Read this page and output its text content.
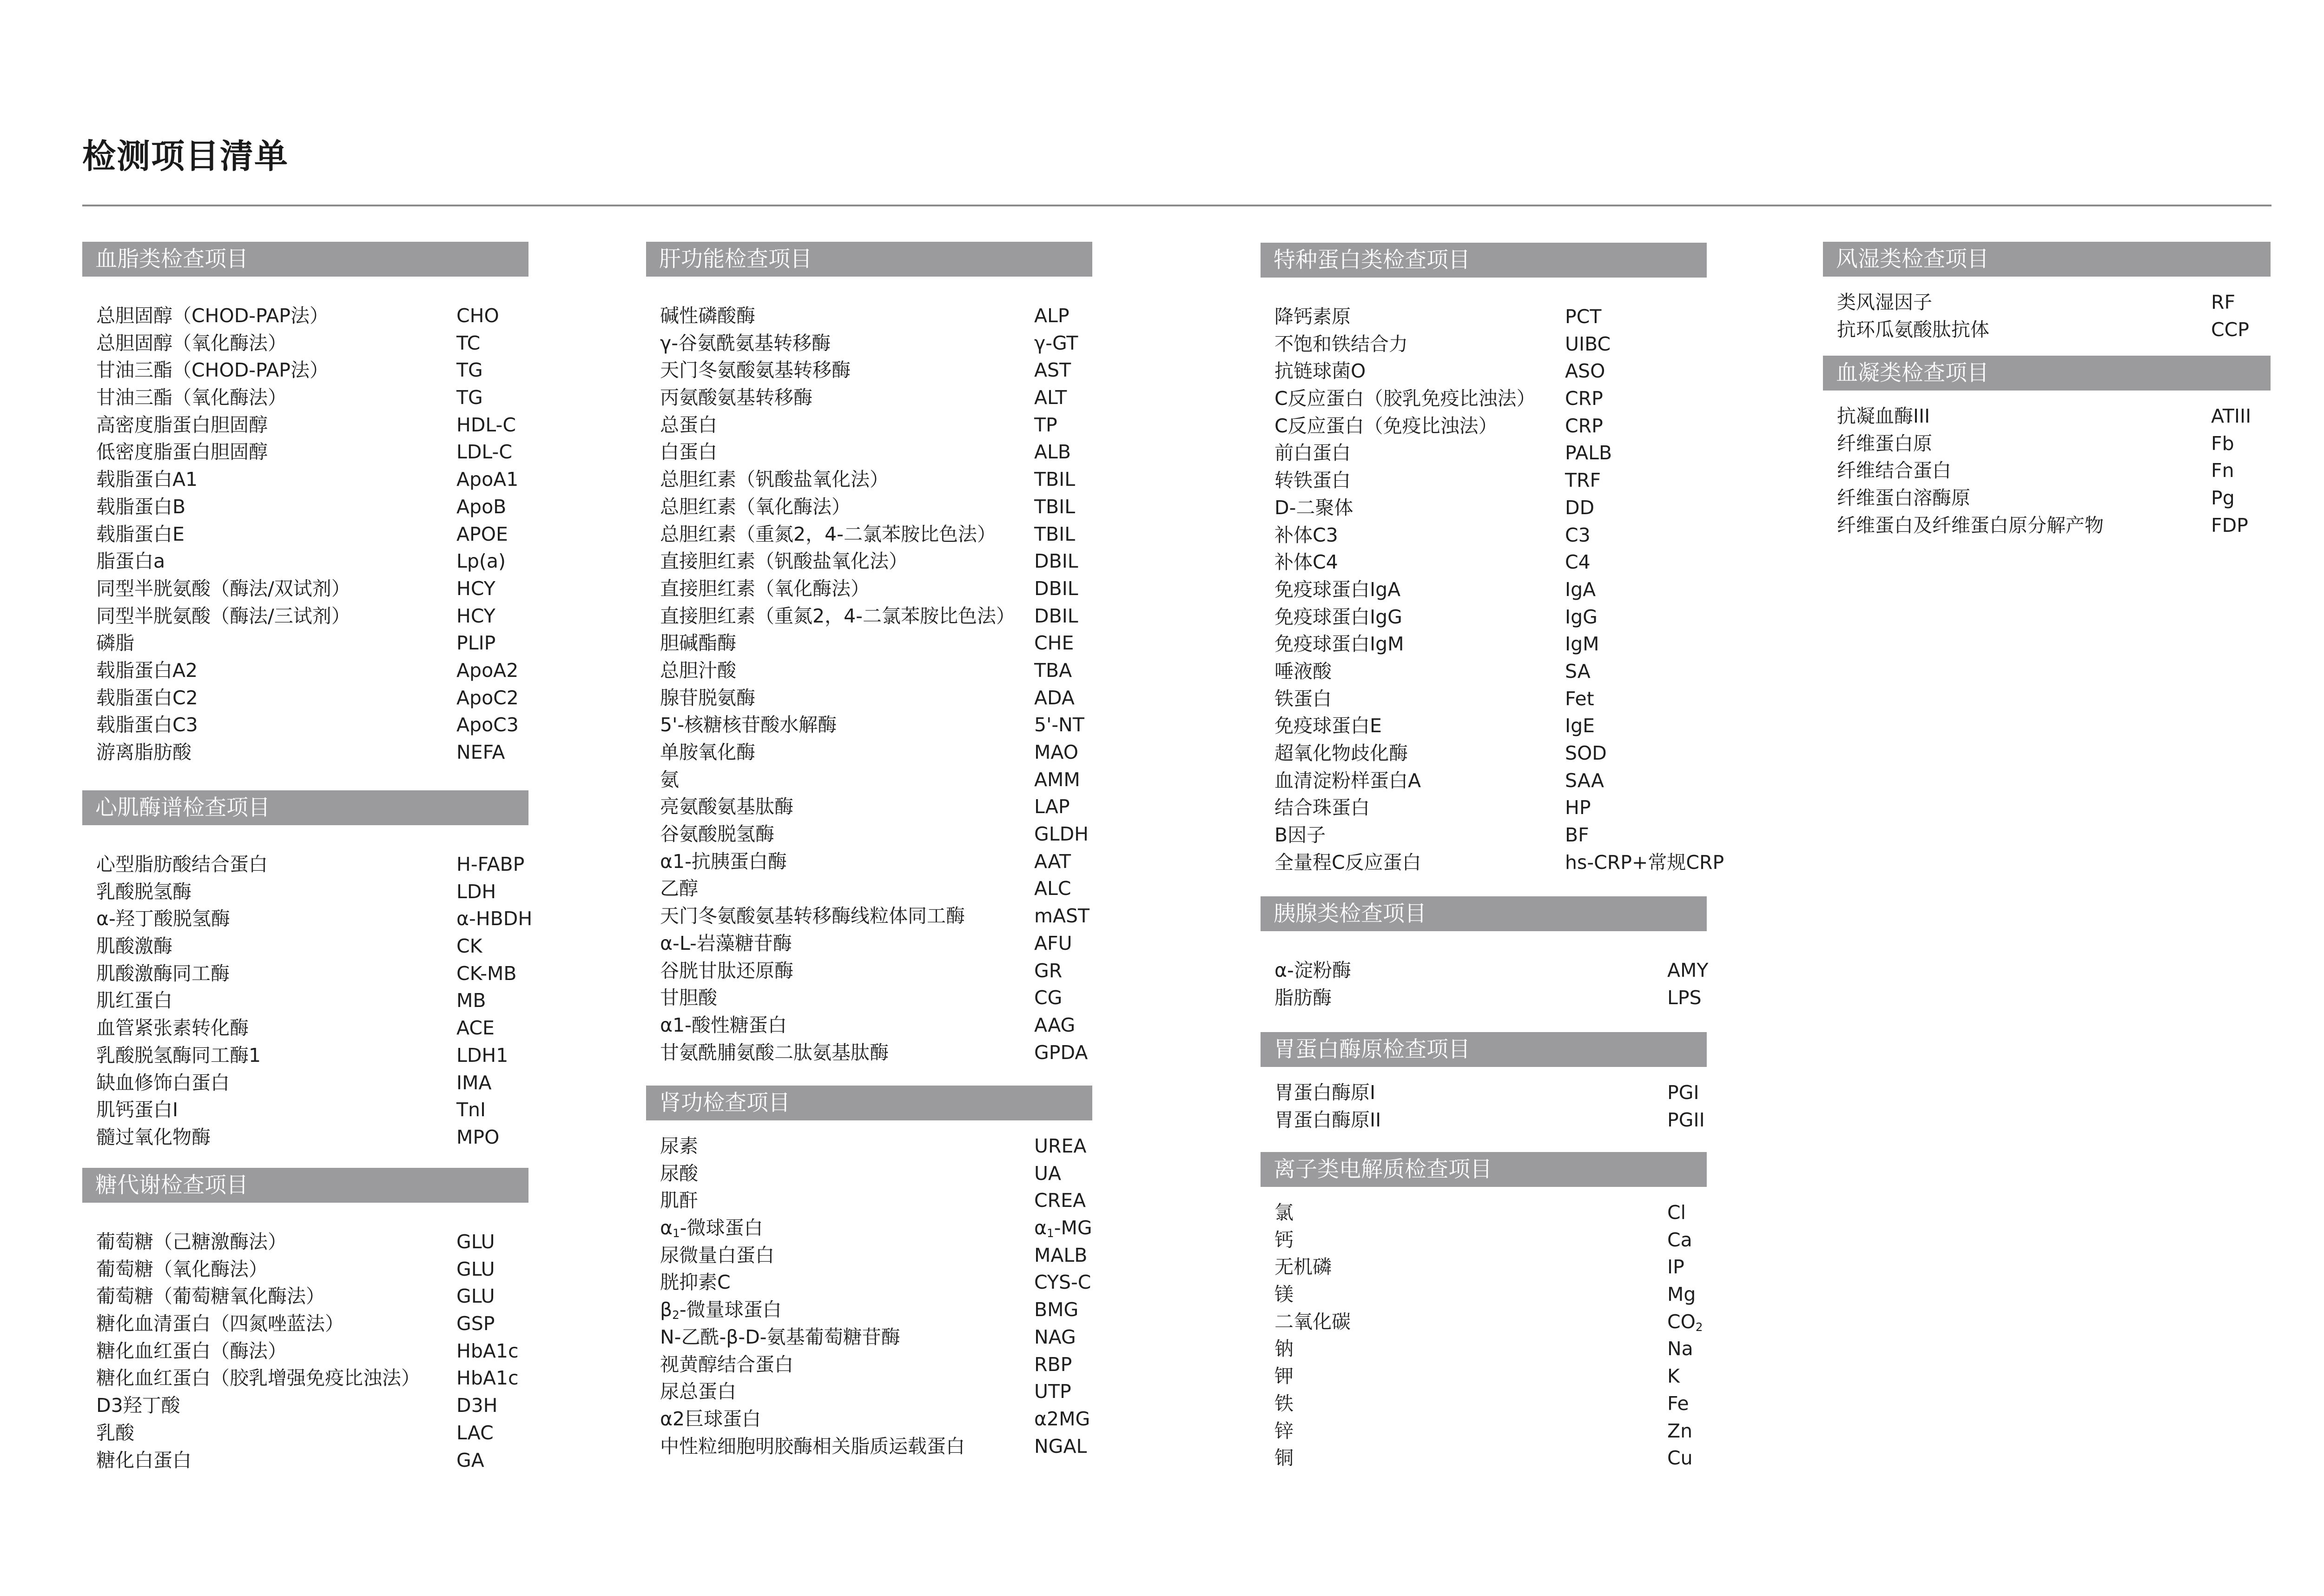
检测项目清单
血脂类检查项目
总胆固醇（CHOD-PAP法）	CHO
总胆固醇（氧化酶法）	TC
甘油三酯（CHOD-PAP法）	TG
甘油三酯（氧化酶法）	TG
高密度脂蛋白胆固醇	HDL-C
低密度脂蛋白胆固醇	LDL-C
载脂蛋白A1	ApoA1
载脂蛋白B	ApoB
载脂蛋白E	APOE
脂蛋白a	Lp(a)
同型半胱氨酸（酶法/双试剂）	HCY
同型半胱氨酸（酶法/三试剂）	HCY
磷脂	PLIP
载脂蛋白A2	ApoA2
载脂蛋白C2	ApoC2
载脂蛋白C3	ApoC3
游离脂肪酸	NEFA
心肌酶谱检查项目
心型脂肪酸结合蛋白	H-FABP
乳酸脱氢酶	LDH
α-羟丁酸脱氢酶	α-HBDH
肌酸激酶	CK
肌酸激酶同工酶	CK-MB
肌红蛋白	MB
血管紧张素转化酶	ACE
乳酸脱氢酶同工酶1	LDH1
缺血修饰白蛋白	IMA
肌钙蛋白I	TnI
髓过氧化物酶	MPO
糖代谢检查项目
葡萄糖（己糖激酶法）	GLU
葡萄糖（氧化酶法）	GLU
葡萄糖（葡萄糖氧化酶法）	GLU
糖化血清蛋白（四氮唑蓝法）	GSP
糖化血红蛋白（酶法）	HbA1c
糖化血红蛋白（胶乳增强免疫比浊法） HbA1c
D3羟丁酸	D3H
乳酸	LAC
糖化白蛋白	GA
肝功能检查项目
碱性磷酸酶	ALP
γ-谷氨酰氨基转移酶	γ-GT
天门冬氨酸氨基转移酶	AST
丙氨酸氨基转移酶	ALT
总蛋白	TP
白蛋白	ALB
总胆红素（钒酸盐氧化法）	TBIL
总胆红素（氧化酶法）	TBIL
总胆红素（重氮2，4-二氯苯胺比色法） TBIL
直接胆红素（钒酸盐氧化法）	DBIL
直接胆红素（氧化酶法）	DBIL
直接胆红素（重氮2，4-二氯苯胺比色法） DBIL
胆碱酯酶	CHE
总胆汁酸	TBA
腺苷脱氨酶	ADA
5'-核糖核苷酸水解酶	5'-NT
单胺氧化酶	MAO
氨	AMM
亮氨酸氨基肽酶	LAP
谷氨酸脱氢酶	GLDH
α1-抗胰蛋白酶	AAT
乙醇	ALC
天门冬氨酸氨基转移酶线粒体同工酶	mAST
α-L-岩藻糖苷酶	AFU
谷胱甘肽还原酶	GR
甘胆酸	CG
α1-酸性糖蛋白	AAG
甘氨酰脯氨酸二肽氨基肽酶	GPDA
肾功检查项目
尿素	UREA
尿酸	UA
肌酐	CREA
$\alpha_1-$微球蛋白	$\alpha_1-MG$
尿微量白蛋白	MALB
胱抑素C	CYS-C
$\beta_2-$微量球蛋白	BMG
N-乙酰-β-D-氨基葡萄糖苷酶	NAG
视黄醇结合蛋白	RBP
尿总蛋白	UTP
α2巨球蛋白	α2MG
中性粒细胞明胶酶相关脂质运载蛋白	NGAL
特种蛋白类检查项目
降钙素原	PCT
不饱和铁结合力	UIBC
抗链球菌O	ASO
C反应蛋白（胶乳免疫比浊法） CRP
C反应蛋白（免疫比浊法）	CRP
前白蛋白	PALB
转铁蛋白	TRF
D-二聚体	DD
补体C3	C3
补体C4	C4
免疫球蛋白IgA	IgA
免疫球蛋白IgG	IgG
免疫球蛋白IgM	IgM
唾液酸	SA
铁蛋白	Fet
免疫球蛋白E	IgE
超氧化物歧化酶	SOD
血清淀粉样蛋白A	SAA
结合珠蛋白	HP
B因子	BF
全量程C反应蛋白	hs-CRP+常规CRP
胰腺类检查项目
α-淀粉酶	AMY
脂肪酶	LPS
胃蛋白酶原检查项目
胃蛋白酶原I	PGI
胃蛋白酶原II	PGII
离子类电解质检查项目
氯	Cl
钙	Ca
无机磷	IP
镁	Mg
二氧化碳	$CO_2$
钠	Na
钾	K
铁	Fe
锌	Zn
铜	Cu
风湿类检查项目
类风湿因子	RF
抗环瓜氨酸肽抗体	CCP
血凝类检查项目
抗凝血酶III	ATIII
纤维蛋白原	Fb
纤维结合蛋白	Fn
纤维蛋白溶酶原	Pg
纤维蛋白及纤维蛋白原分解产物	FDP
